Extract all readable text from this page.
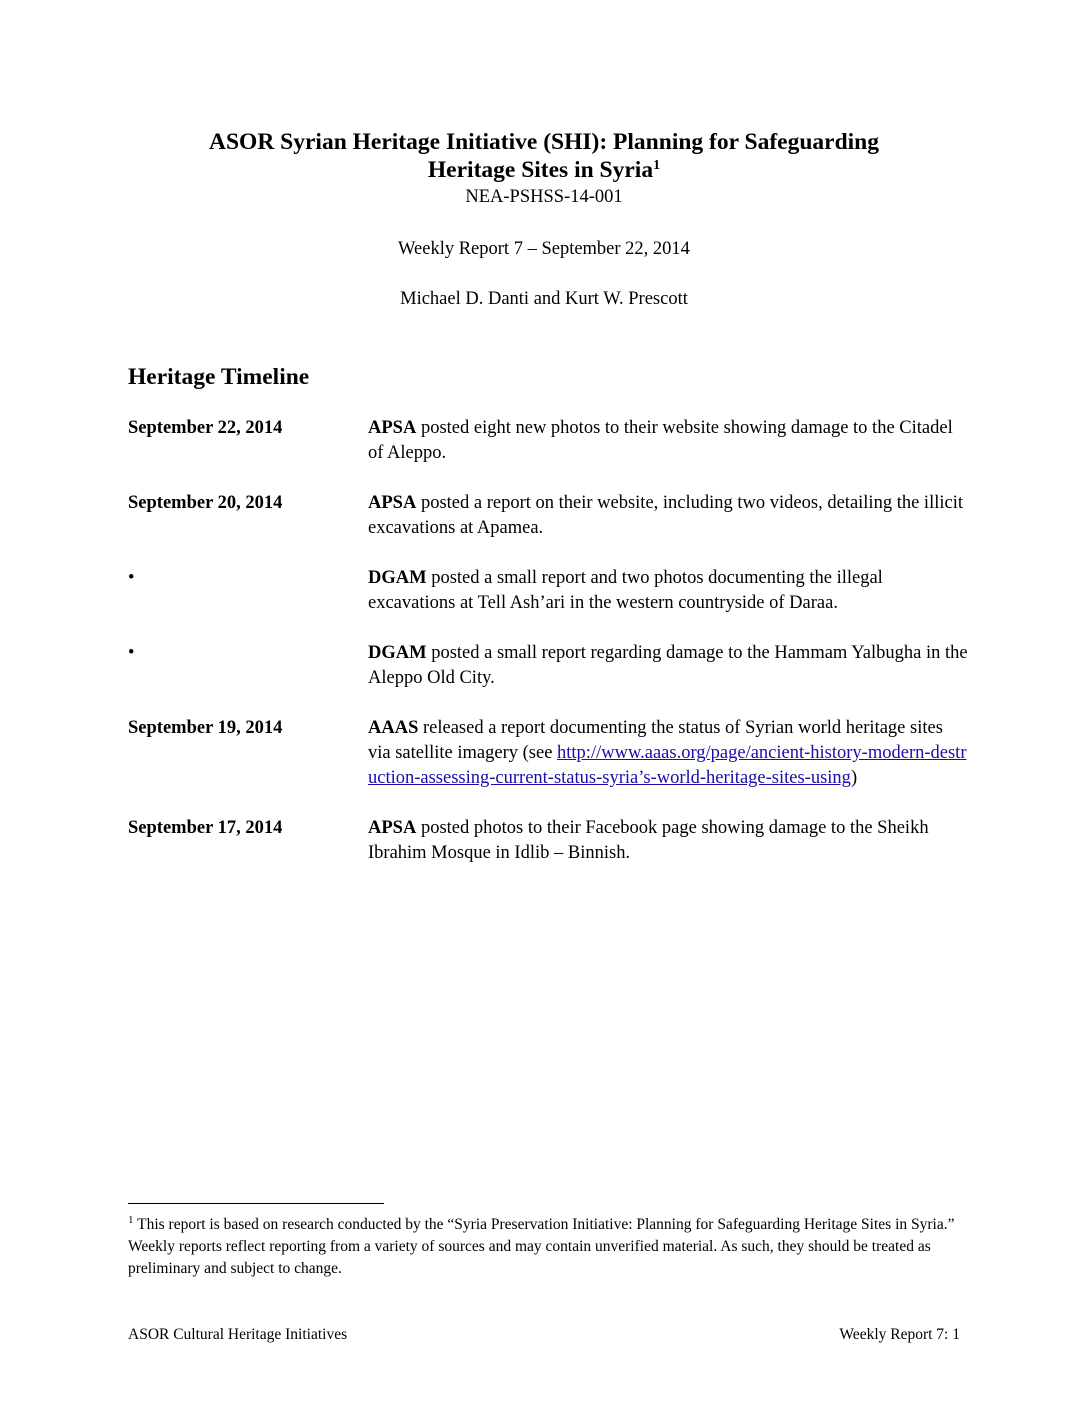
ASOR Syrian Heritage Initiative (SHI): Planning for Safeguarding

Heritage Sites in Syria$^1$

NEA-PSHSS-14-001

Weekly Report 7 – September 22, 2014

Michael D. Danti and Kurt W. Prescott

Heritage Timeline
September 22, 2014	APSA posted eight new photos to their website showing damage to the Citadel of Aleppo.
September 20, 2014	APSA posted a report on their website, including two videos, detailing the illicit excavations at Apamea.
•	DGAM posted a small report and two photos documenting the illegal excavations at Tell Ash’ari in the western countryside of Daraa.
•	DGAM posted a small report regarding damage to the Hammam Yalbugha in the Aleppo Old City.
September 19, 2014	AAAS released a report documenting the status of Syrian world heritage sites via satellite imagery (see http://www.aaas.org/page/ancient-history-modern-destruction-assessing-current-status-syria’s-world-heritage-sites-using)
September 17, 2014	APSA posted photos to their Facebook page showing damage to the Sheikh Ibrahim Mosque in Idlib – Binnish.
$^1$ This report is based on research conducted by the “Syria Preservation Initiative: Planning for Safeguarding Heritage Sites in Syria.” Weekly reports reflect reporting from a variety of sources and may contain unverified material. As such, they should be treated as preliminary and subject to change.
ASOR Cultural Heritage Initiatives	Weekly Report 7: 1
